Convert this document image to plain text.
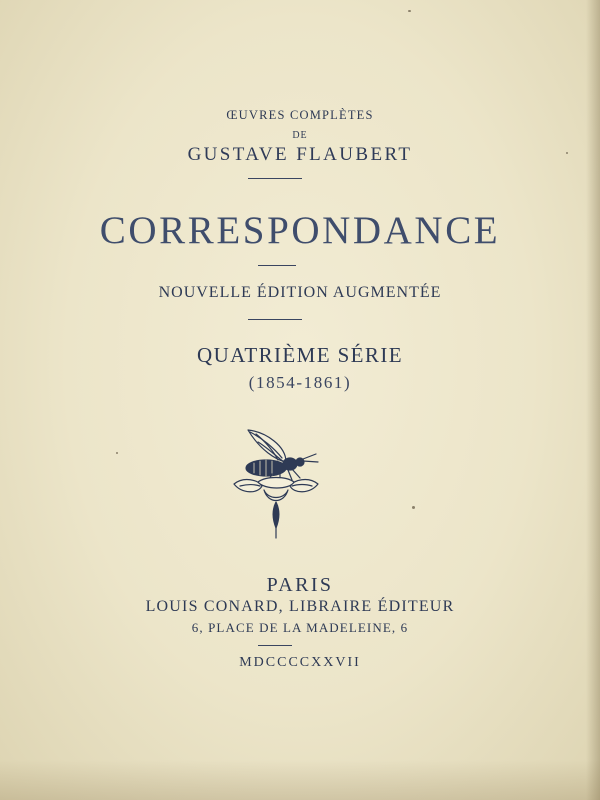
ŒUVRES COMPLÈTES
DE
GUSTAVE FLAUBERT
CORRESPONDANCE
NOUVELLE ÉDITION AUGMENTÉE
QUATRIÈME SÉRIE
(1854-1861)
PARIS
LOUIS CONARD, LIBRAIRE ÉDITEUR
6, PLACE DE LA MADELEINE, 6
MDCCCCXXVII
